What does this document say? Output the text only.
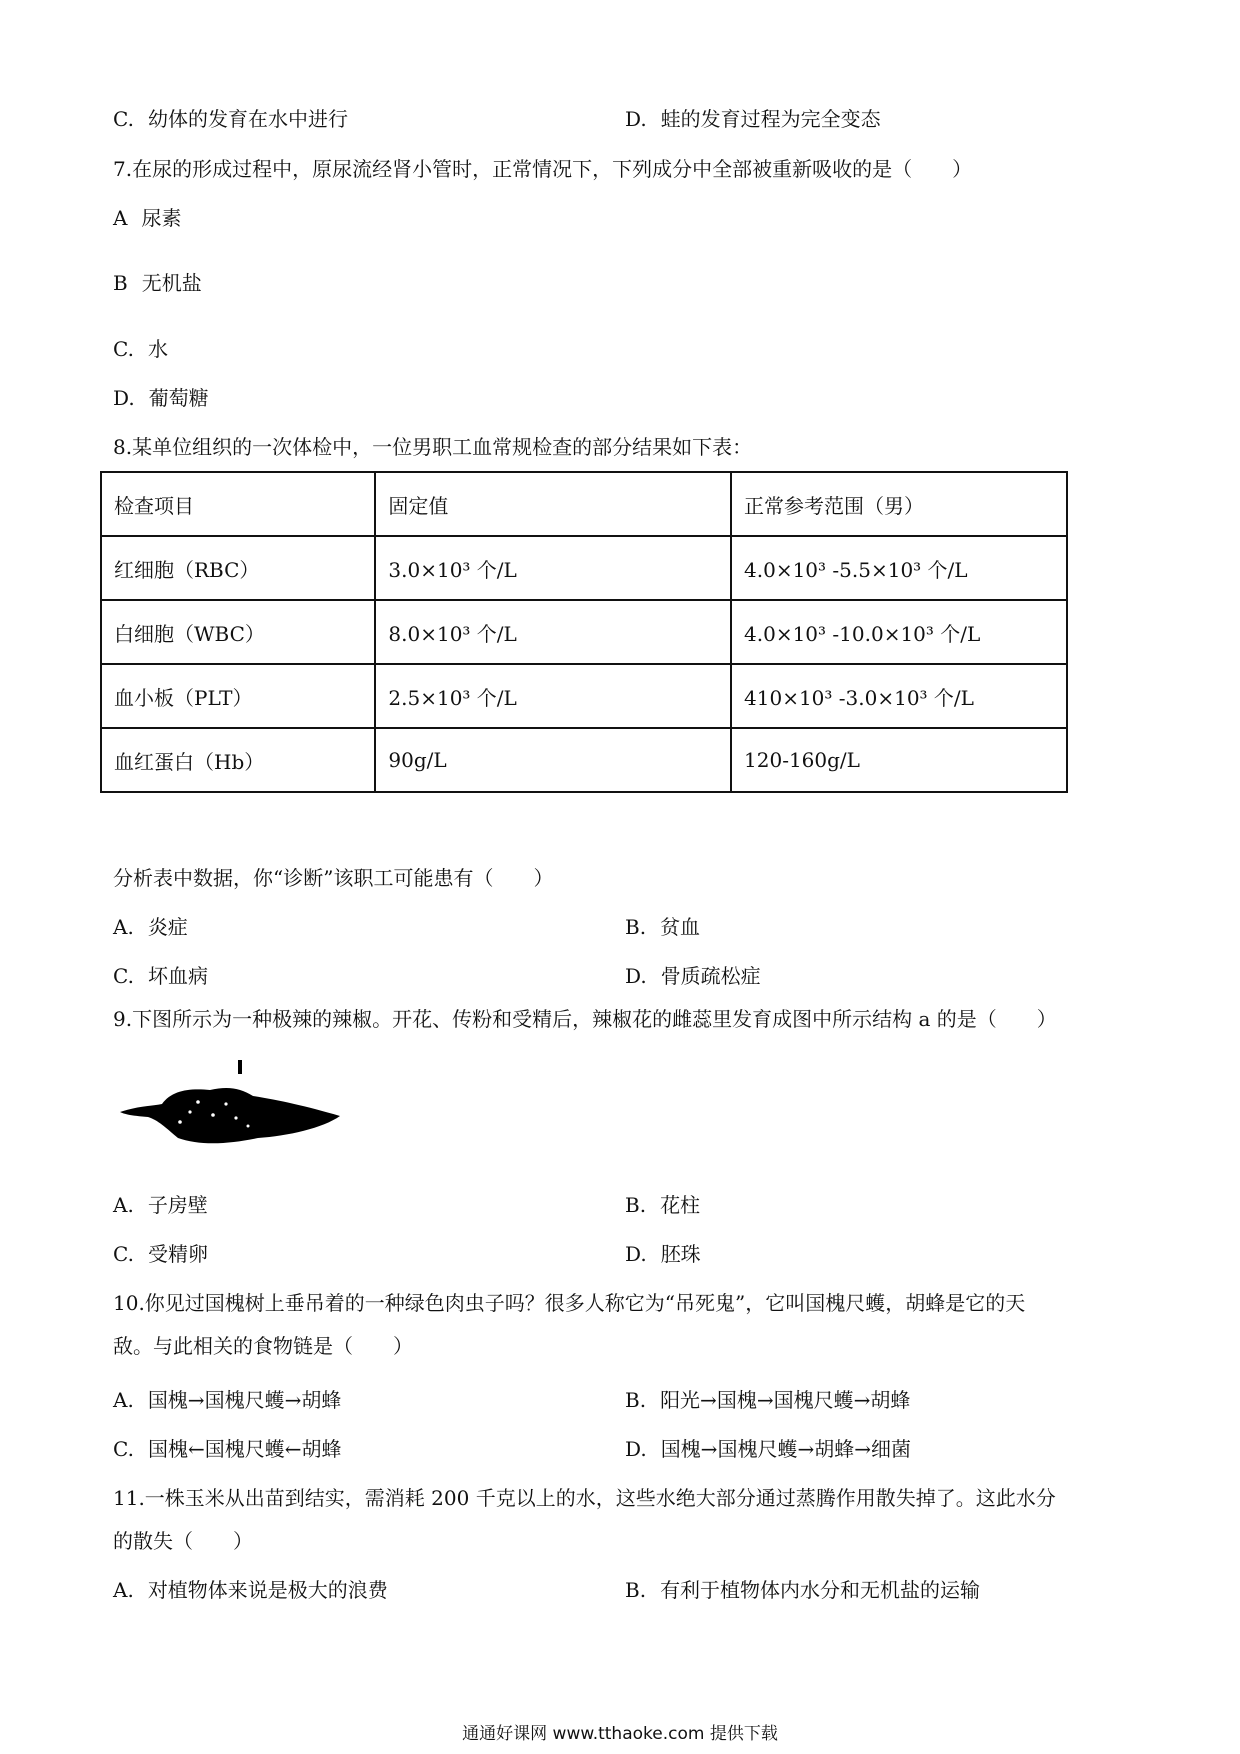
C. 幼体的发育在水中进行	D. 蛙的发育过程为完全变态
7.在尿的形成过程中，原尿流经肾小管时，正常情况下，下列成分中全部被重新吸收的是（　　）
A 尿素
B 无机盐
C. 水
D. 葡萄糖
8.某单位组织的一次体检中，一位男职工血常规检查的部分结果如下表：
检查项目	固定值	正常参考范围（男）
红细胞（RBC）	3.0×10³ 个/L	4.0×10³ -5.5×10³ 个/L
白细胞（WBC）	8.0×10³ 个/L	4.0×10³ -10.0×10³ 个/L
血小板（PLT）	2.5×10³ 个/L	410×10³ -3.0×10³ 个/L
血红蛋白（Hb）	90g/L	120-160g/L
分析表中数据，你“诊断”该职工可能患有（　　）
A. 炎症	B. 贫血
C. 坏血病	D. 骨质疏松症
9.下图所示为一种极辣的辣椒。开花、传粉和受精后，辣椒花的雌蕊里发育成图中所示结构 a 的是（　　）
A. 子房壁	B. 花柱
C. 受精卵	D. 胚珠
10.你见过国槐树上垂吊着的一种绿色肉虫子吗？很多人称它为“吊死鬼”，它叫国槐尺蠖，胡蜂是它的天
敌。与此相关的食物链是（　　）
A. 国槐→国槐尺蠖→胡蜂	B. 阳光→国槐→国槐尺蠖→胡蜂
C. 国槐←国槐尺蠖←胡蜂	D. 国槐→国槐尺蠖→胡蜂→细菌
11.一株玉米从出苗到结实，需消耗 200 千克以上的水，这些水绝大部分通过蒸腾作用散失掉了。这此水分
的散失（　　）
A. 对植物体来说是极大的浪费	B. 有利于植物体内水分和无机盐的运输
通通好课网 www.tthaoke.com 提供下载
